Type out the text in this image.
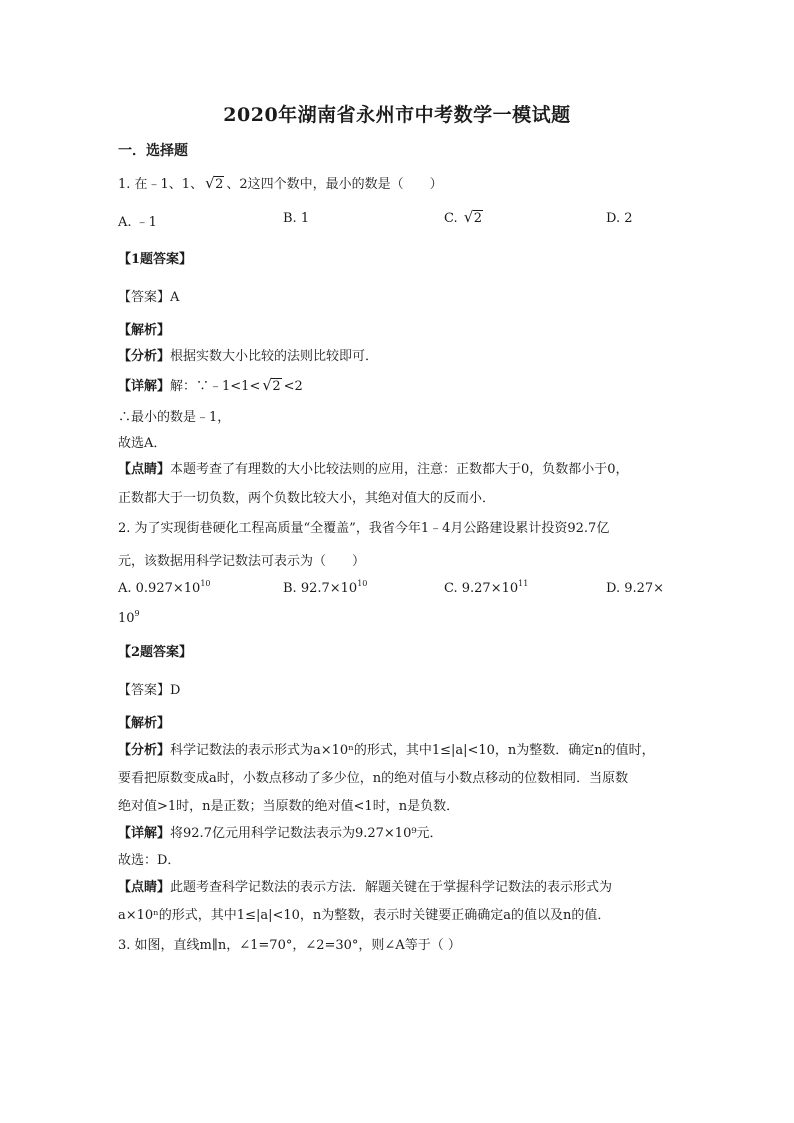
2020年湖南省永州市中考数学一模试题
一．选择题
1. 在﹣1、1、 √ 2 、2这四个数中，最小的数是（　　）
A. ﹣1	B. 1	C. √ 2	D. 2
【1题答案】
【答案】A
【解析】
【分析】根据实数大小比较的法则比较即可．
【详解】解：∵﹣1<1< √ 2 <2
∴最小的数是﹣1，
故选A．
【点睛】本题考查了有理数的大小比较法则的应用，注意：正数都大于0，负数都小于0，
正数都大于一切负数，两个负数比较大小，其绝对值大的反而小．
2. 为了实现街巷硬化工程高质量“全覆盖”，我省今年1﹣4月公路建设累计投资92.7亿
元，该数据用科学记数法可表示为（　　）
A. $0.927\times 10^{10}$	B. $92.7\times 10^{10}$	C. $9.27\times 10^{11}$	D. 9.27×
$10^9$
【2题答案】
【答案】D
【解析】
【分析】科学记数法的表示形式为a×10ⁿ的形式，其中1≤|a|<10，n为整数．确定n的值时，
要看把原数变成a时，小数点移动了多少位，n的绝对值与小数点移动的位数相同．当原数
绝对值>1时，n是正数；当原数的绝对值<1时，n是负数．
【详解】将92.7亿元用科学记数法表示为9.27×10⁹元．
故选：D．
【点睛】此题考查科学记数法的表示方法．解题关键在于掌握科学记数法的表示形式为
a×10ⁿ的形式，其中1≤|a|<10，n为整数，表示时关键要正确确定a的值以及n的值．
3. 如图，直线m∥n，∠1=70°，∠2=30°，则∠A等于（ ）
